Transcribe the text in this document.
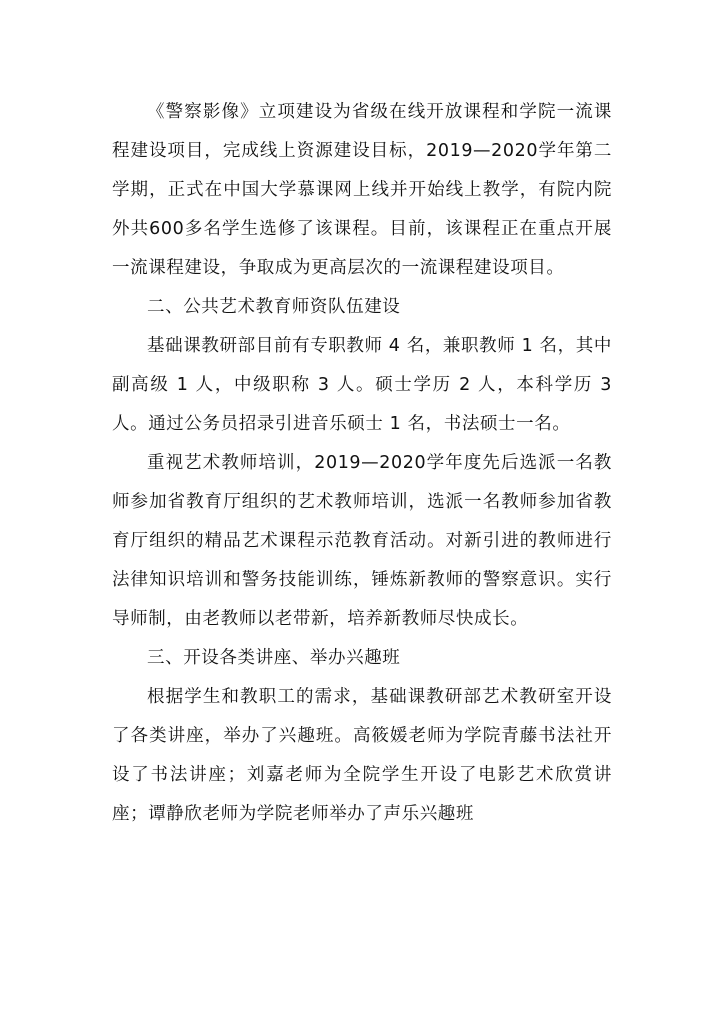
《警察影像》立项建设为省级在线开放课程和学院一流课程建设项目，完成线上资源建设目标，2019—2020学年第二学期，正式在中国大学慕课网上线并开始线上教学，有院内院外共600多名学生选修了该课程。目前，该课程正在重点开展一流课程建设，争取成为更高层次的一流课程建设项目。

二、公共艺术教育师资队伍建设

基础课教研部目前有专职教师 4 名，兼职教师 1 名，其中副高级 1 人，中级职称 3 人。硕士学历 2 人，本科学历 3 人。通过公务员招录引进音乐硕士 1 名，书法硕士一名。

重视艺术教师培训，2019—2020学年度先后选派一名教师参加省教育厅组织的艺术教师培训，选派一名教师参加省教育厅组织的精品艺术课程示范教育活动。对新引进的教师进行法律知识培训和警务技能训练，锤炼新教师的警察意识。实行导师制，由老教师以老带新，培养新教师尽快成长。

三、开设各类讲座、举办兴趣班

根据学生和教职工的需求，基础课教研部艺术教研室开设了各类讲座，举办了兴趣班。高筱媛老师为学院青藤书法社开设了书法讲座；刘嘉老师为全院学生开设了电影艺术欣赏讲座；谭静欣老师为学院老师举办了声乐兴趣班
